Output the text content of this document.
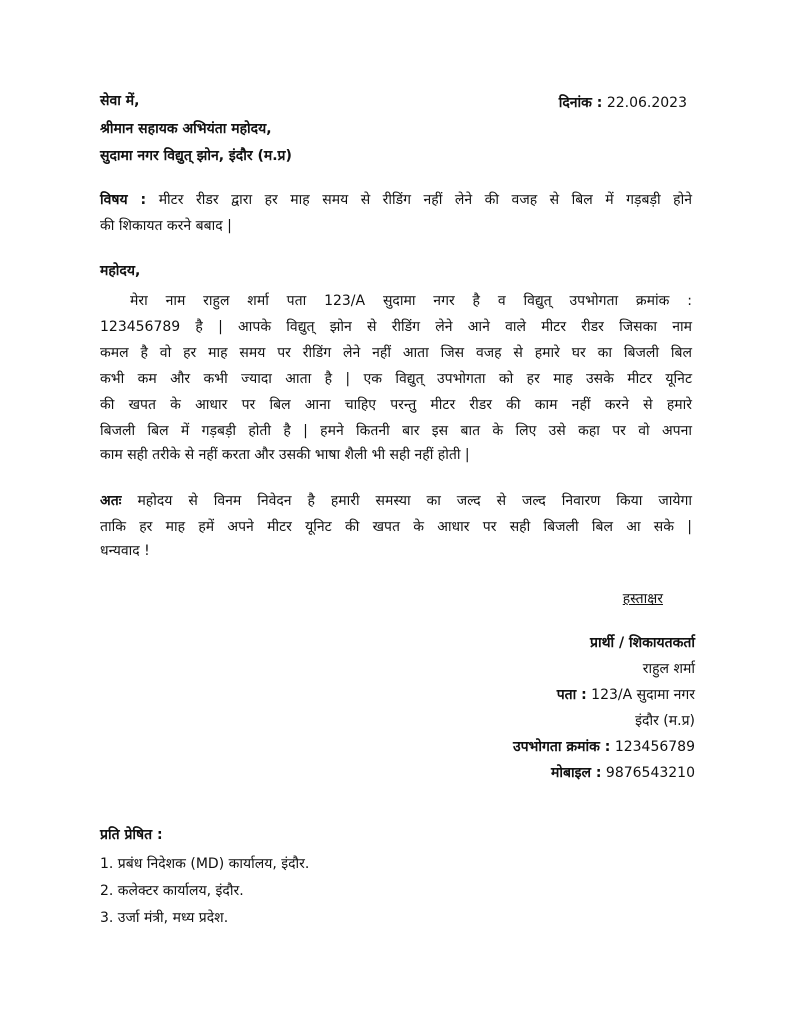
सेवा में,	दिनांक : 22.06.2023
श्रीमान सहायक अभियंता महोदय,
सुदामा नगर विद्युत् झोन, इंदौर (म.प्र)
विषय : मीटर रीडर द्वारा हर माह समय से रीडिंग नहीं लेने की वजह से बिल में गड़बड़ी होने
की शिकायत करने बबाद |
महोदय,
मेरा नाम राहुल शर्मा पता 123/A सुदामा नगर है व विद्युत् उपभोगता क्रमांक :
123456789 है | आपके विद्युत् झोन से रीडिंग लेने आने वाले मीटर रीडर जिसका नाम
कमल है वो हर माह समय पर रीडिंग लेने नहीं आता जिस वजह से हमारे घर का बिजली बिल
कभी कम और कभी ज्यादा आता है | एक विद्युत् उपभोगता को हर माह उसके मीटर यूनिट
की खपत के आधार पर बिल आना चाहिए परन्तु मीटर रीडर की काम नहीं करने से हमारे
बिजली बिल में गड़बड़ी होती है | हमने कितनी बार इस बात के लिए उसे कहा पर वो अपना
काम सही तरीके से नहीं करता और उसकी भाषा शैली भी सही नहीं होती |
अतः महोदय से विनम निवेदन है हमारी समस्या का जल्द से जल्द निवारण किया जायेगा
ताकि हर माह हमें अपने मीटर यूनिट की खपत के आधार पर सही बिजली बिल आ सके |
धन्यवाद !
हस्ताक्षर
प्रार्थी / शिकायतकर्ता
राहुल शर्मा
पता : 123/A सुदामा नगर
इंदौर (म.प्र)
उपभोगता क्रमांक : 123456789
मोबाइल : 9876543210
प्रति प्रेषित :
1. प्रबंध निदेशक (MD) कार्यालय, इंदौर.
2. कलेक्टर कार्यालय, इंदौर.
3. उर्जा मंत्री, मध्य प्रदेश.
